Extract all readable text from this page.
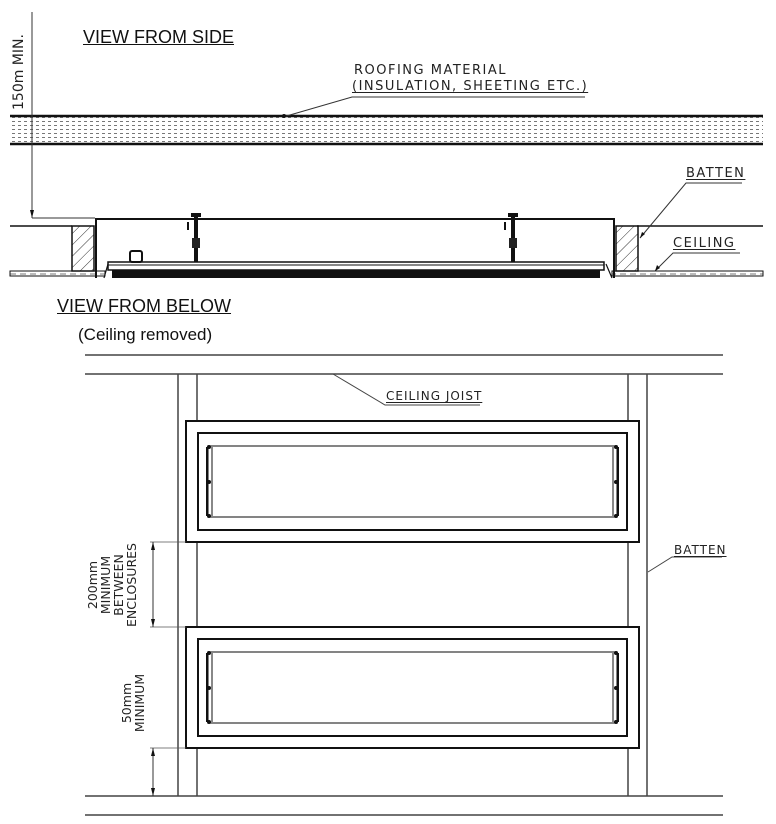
VIEW FROM SIDE
150m MIN.	ROOFING MATERIAL
(INSULATION, SHEETING ETC.)
BATTEN
CEILING
VIEW FROM BELOW
(Ceiling removed)
CEILING JOIST
BATTEN
200mm
MINIMUM
BETWEEN
ENCLOSURES
50mm
MINIMUM
